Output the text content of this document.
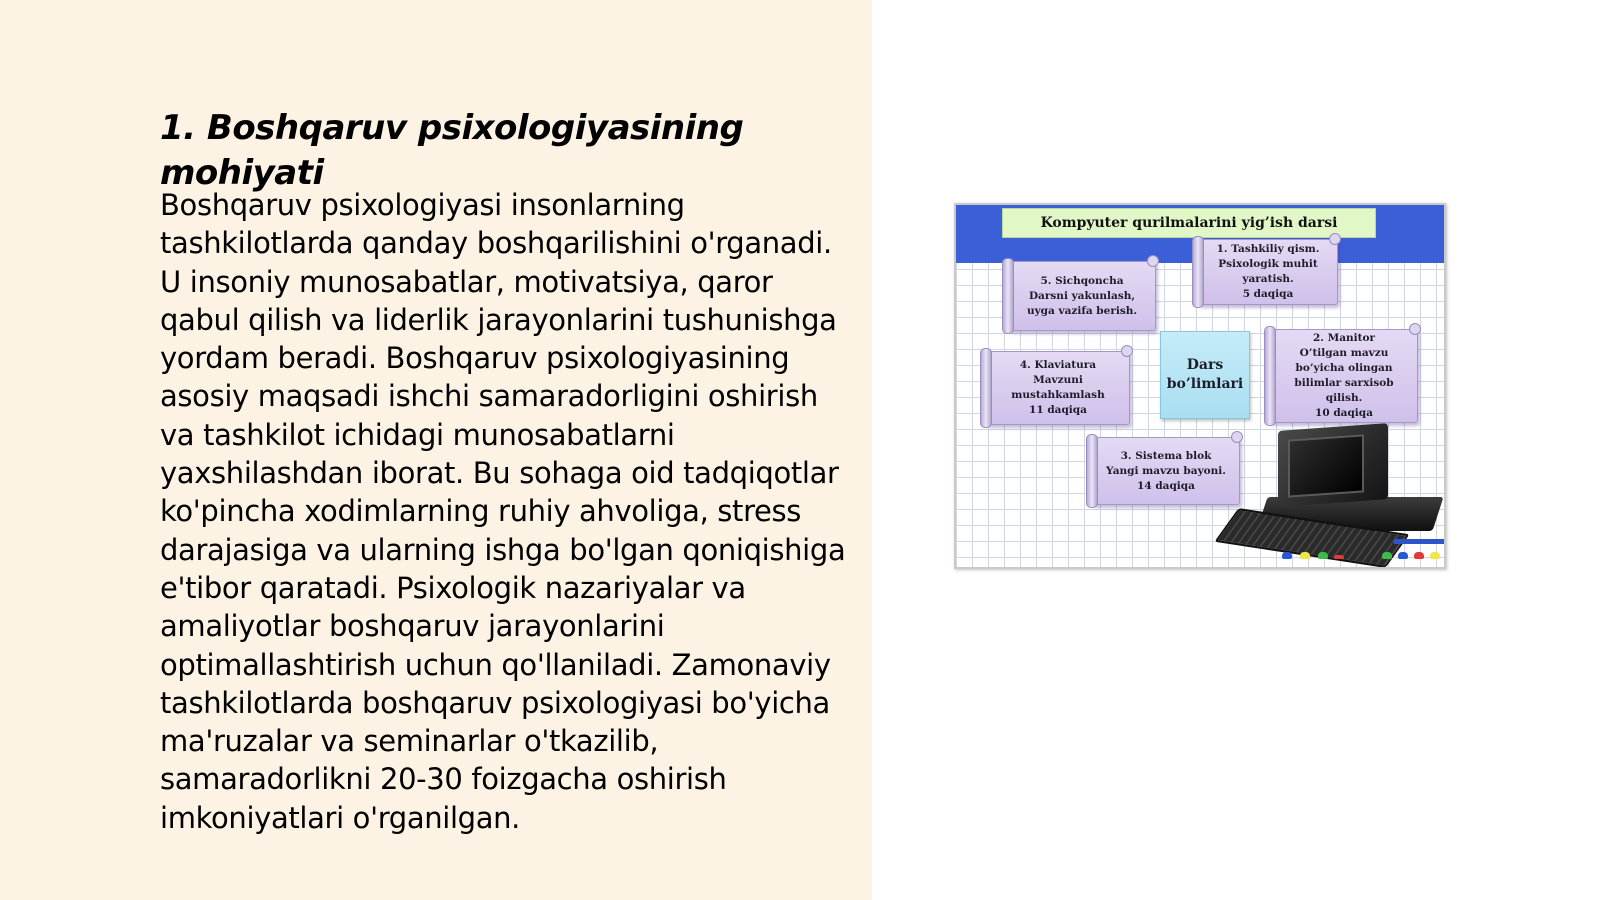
1. Boshqaruv psixologiyasining mohiyati

Boshqaruv psixologiyasi insonlarning tashkilotlarda qanday boshqarilishini o'rganadi. U insoniy munosabatlar, motivatsiya, qaror qabul qilish va liderlik jarayonlarini tushunishga yordam beradi. Boshqaruv psixologiyasining asosiy maqsadi ishchi samaradorligini oshirish va tashkilot ichidagi munosabatlarni yaxshilashdan iborat. Bu sohaga oid tadqiqotlar ko'pincha xodimlarning ruhiy ahvoliga, stress darajasiga va ularning ishga bo'lgan qoniqishiga e'tibor qaratadi. Psixologik nazariyalar va amaliyotlar boshqaruv jarayonlarini optimallashtirish uchun qo'llaniladi. Zamonaviy tashkilotlarda boshqaruv psixologiyasi bo'yicha ma'ruzalar va seminarlar o'tkazilib, samaradorlikni 20-30 foizgacha oshirish imkoniyatlari o'rganilgan.

Kompyuter qurilmalarini yig’ish darsi
5. Sichqoncha
Darsni yakunlash,
uyga vazifa berish.
1. Tashkiliy qism.
Psixologik muhit
yaratish.
5 daqiqa
4. Klaviatura
Mavzuni
mustahkamlash
11 daqiqa
Dars
bo’limlari
2. Manitor
O’tilgan mavzu
bo’yicha olingan
bilimlar sarxisob
qilish.
10 daqiqa
3. Sistema blok
Yangi mavzu bayoni.
14 daqiqa
